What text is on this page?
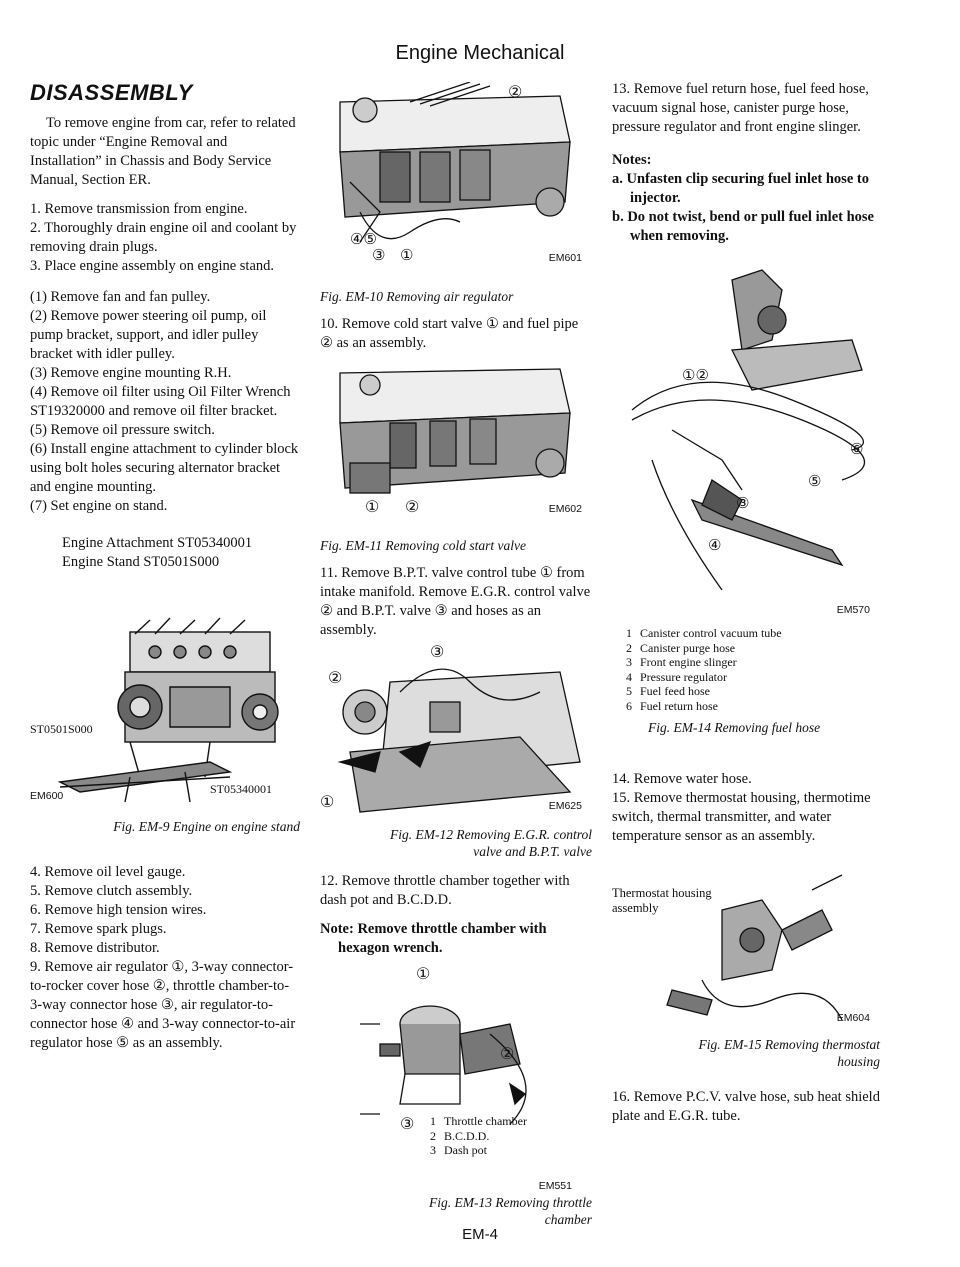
Engine Mechanical
DISASSEMBLY

To remove engine from car, refer to related topic under “Engine Removal and Installation” in Chassis and Body Service Manual, Section ER.

1. Remove transmission from engine.

2. Thoroughly drain engine oil and coolant by removing drain plugs.

3. Place engine assembly on engine stand.

(1) Remove fan and fan pulley.

(2) Remove power steering oil pump, oil pump bracket, support, and idler pulley bracket with idler pulley.

(3) Remove engine mounting R.H.

(4) Remove oil filter using Oil Filter Wrench ST19320000 and remove oil filter bracket.

(5) Remove oil pressure switch.

(6) Install engine attachment to cylinder block using bolt holes securing alternator bracket and engine mounting.

(7) Set engine on stand.

Engine Attachment ST05340001

Engine Stand ST0501S000

ST0501S000
ST05340001
EM600

Fig. EM-9 Engine on engine stand

4. Remove oil level gauge.

5. Remove clutch assembly.

6. Remove high tension wires.

7. Remove spark plugs.

8. Remove distributor.

9. Remove air regulator ①, 3-way connector-to-rocker cover hose ②, throttle chamber-to-3-way connector hose ③, air regulator-to-connector hose ④ and 3-way connector-to-air regulator hose ⑤ as an assembly.

②
④⑤
③ ①	EM601

Fig. EM-10 Removing air regulator

10. Remove cold start valve ① and fuel pipe ② as an assembly.

① ②	EM602

Fig. EM-11 Removing cold start valve

11. Remove B.P.T. valve control tube ① from intake manifold. Remove E.G.R. control valve ② and B.P.T. valve ③ and hoses as an assembly.

③
②
①	EM625

Fig. EM-12 Removing E.G.R. control

valve and B.P.T. valve

12. Remove throttle chamber together with dash pot and B.C.D.D.

Note: Remove throttle chamber with hexagon wrench.

①
②
③ 1 Throttle chamber
2 B.C.D.D.
3 Dash pot
EM551

Fig. EM-13 Removing throttle

chamber

13. Remove fuel return hose, fuel feed hose, vacuum signal hose, canister purge hose, pressure regulator and front engine slinger.

Notes:

a. Unfasten clip securing fuel inlet hose to injector.

b. Do not twist, bend or pull fuel inlet hose when removing.

①②
⑥
⑤
③
④
EM570
1 Canister control vacuum tube
2 Canister purge hose
3 Front engine slinger
4 Pressure regulator
5 Fuel feed hose
6 Fuel return hose

Fig. EM-14 Removing fuel hose

14. Remove water hose.

15. Remove thermostat housing, thermotime switch, thermal transmitter, and water temperature sensor as an assembly.

Thermostat housing
assembly
EM604

Fig. EM-15 Removing thermostat

housing

16. Remove P.C.V. valve hose, sub heat shield plate and E.G.R. tube.

EM-4
